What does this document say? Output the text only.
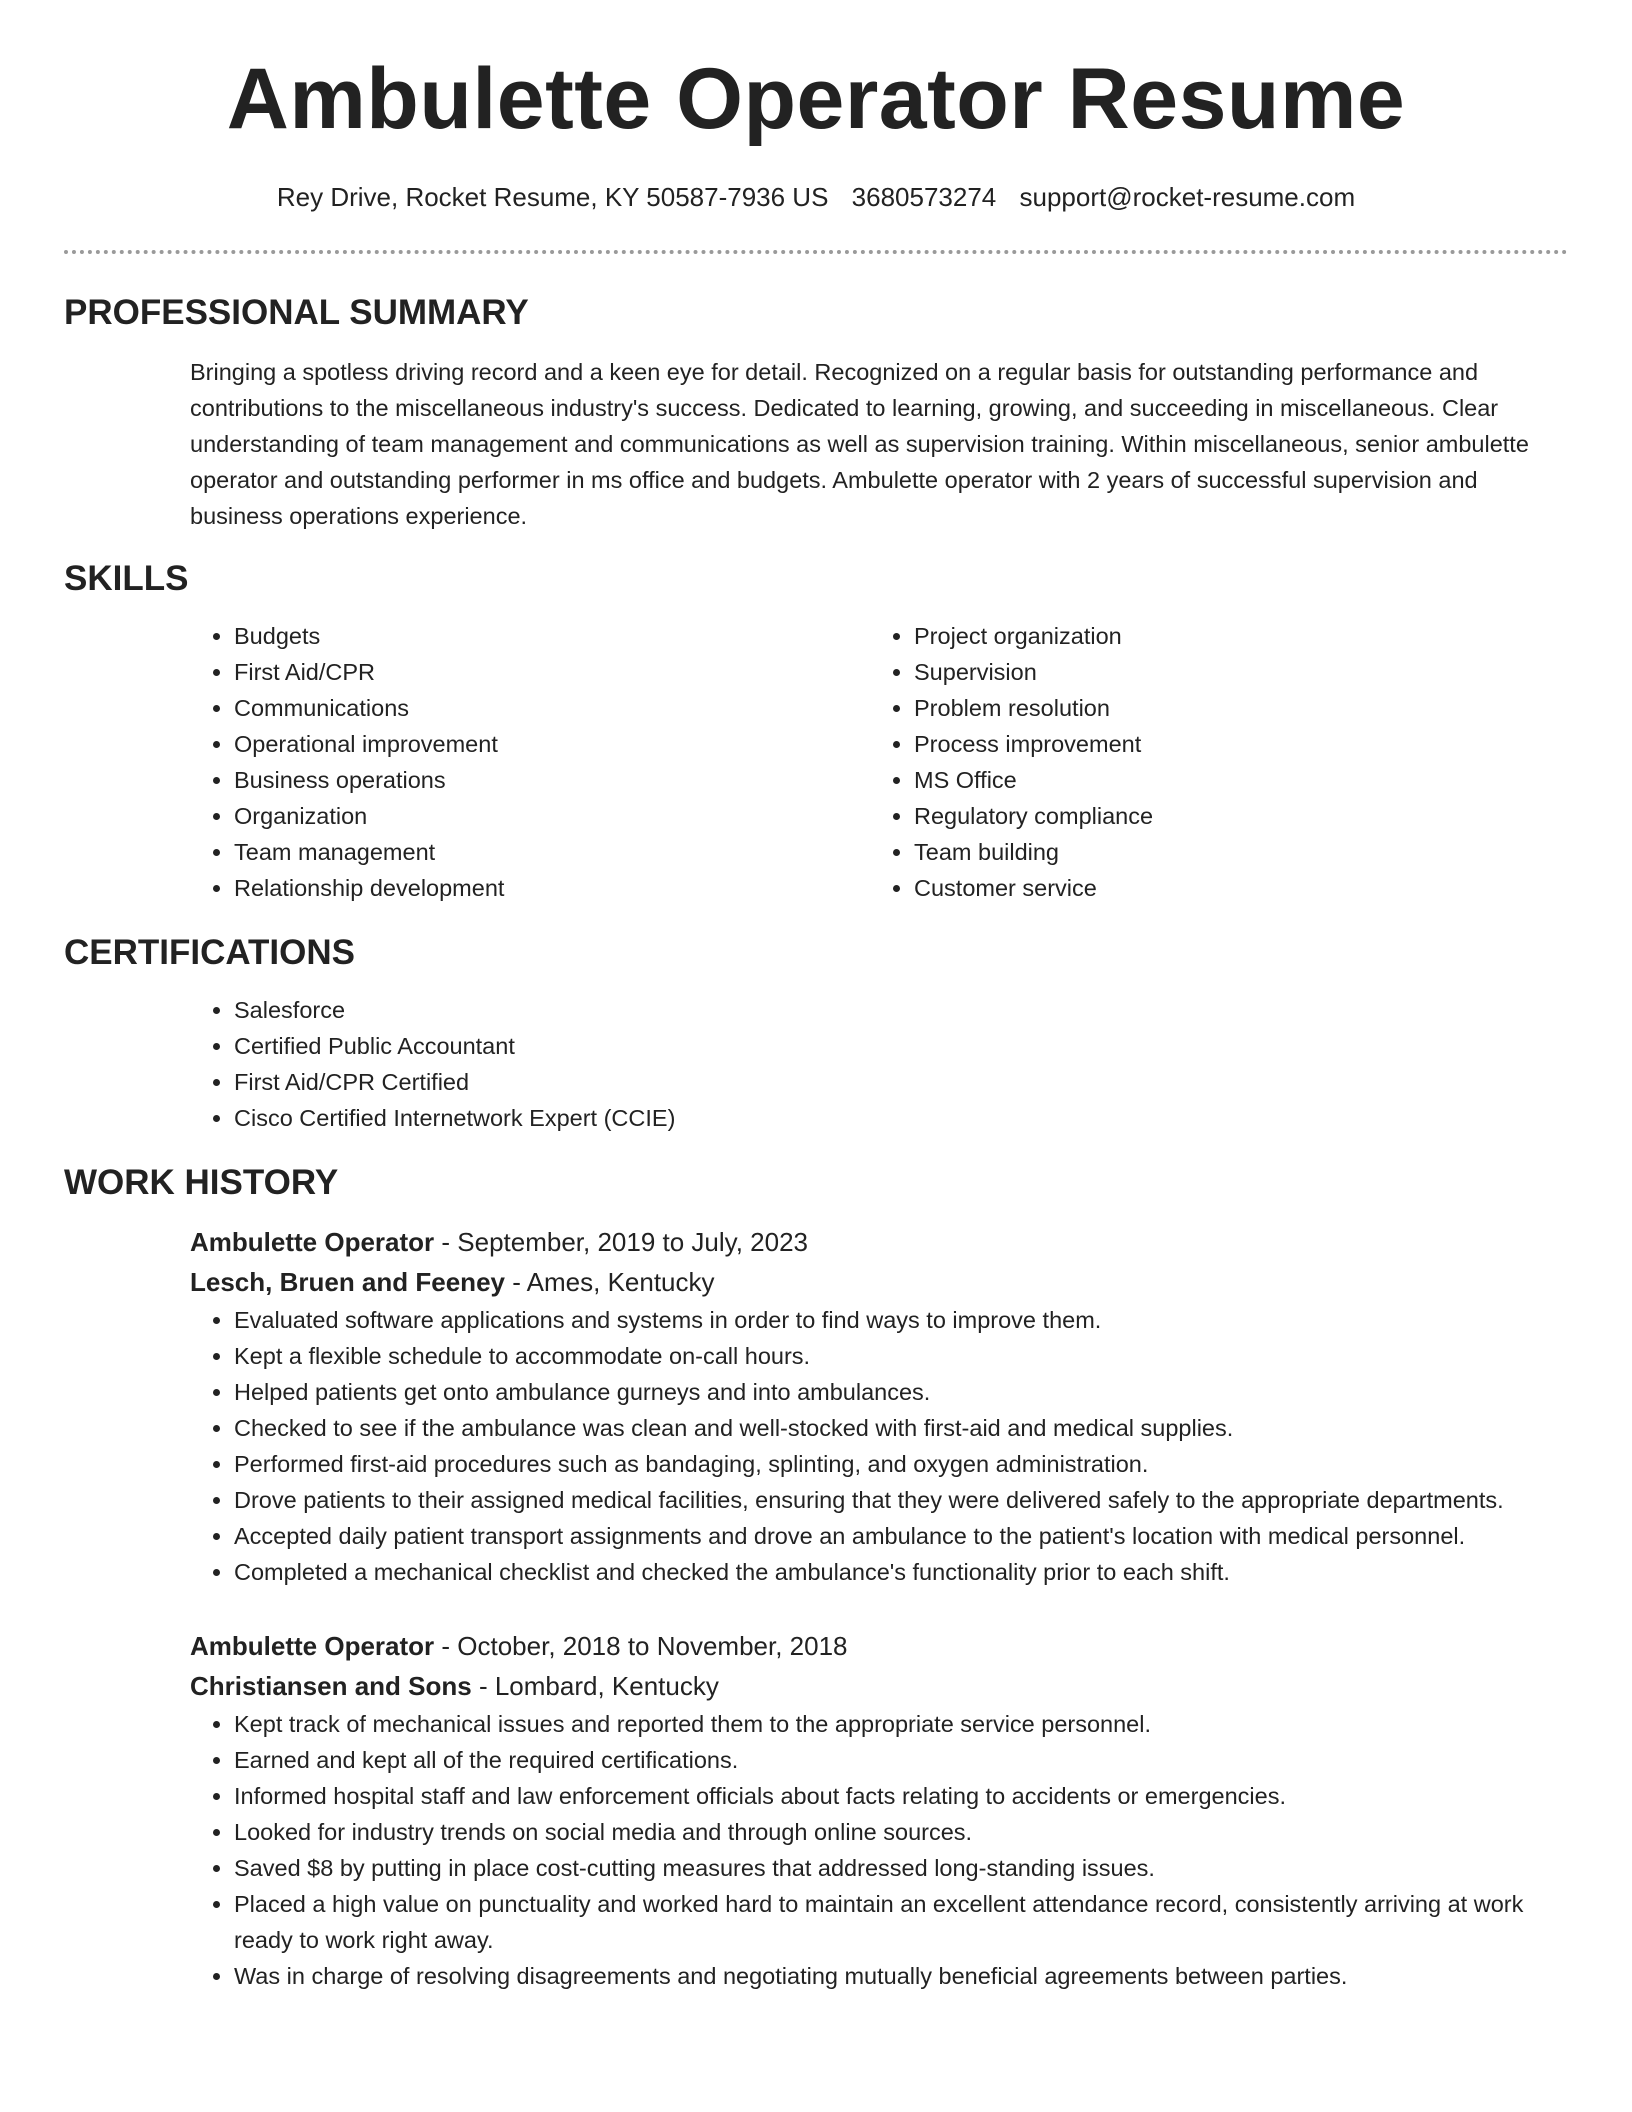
Ambulette Operator Resume
Rey Drive, Rocket Resume, KY 50587-7936 US 3680573274 support@rocket-resume.com
PROFESSIONAL SUMMARY

Bringing a spotless driving record and a keen eye for detail. Recognized on a regular basis for outstanding performance and contributions to the miscellaneous industry's success. Dedicated to learning, growing, and succeeding in miscellaneous. Clear understanding of team management and communications as well as supervision training. Within miscellaneous, senior ambulette operator and outstanding performer in ms office and budgets. Ambulette operator with 2 years of successful supervision and business operations experience.

SKILLS
• Budgets
• First Aid/CPR
• Communications
• Operational improvement
• Business operations
• Organization
• Team management
• Relationship development
• Project organization
• Supervision
• Problem resolution
• Process improvement
• MS Office
• Regulatory compliance
• Team building
• Customer service
CERTIFICATIONS
• Salesforce
• Certified Public Accountant
• First Aid/CPR Certified
• Cisco Certified Internetwork Expert (CCIE)
WORK HISTORY
Ambulette Operator - September, 2019 to July, 2023
Lesch, Bruen and Feeney - Ames, Kentucky
• Evaluated software applications and systems in order to find ways to improve them.
• Kept a flexible schedule to accommodate on-call hours.
• Helped patients get onto ambulance gurneys and into ambulances.
• Checked to see if the ambulance was clean and well-stocked with first-aid and medical supplies.
• Performed first-aid procedures such as bandaging, splinting, and oxygen administration.
• Drove patients to their assigned medical facilities, ensuring that they were delivered safely to the appropriate departments.
• Accepted daily patient transport assignments and drove an ambulance to the patient's location with medical personnel.
• Completed a mechanical checklist and checked the ambulance's functionality prior to each shift.
Ambulette Operator - October, 2018 to November, 2018
Christiansen and Sons - Lombard, Kentucky
• Kept track of mechanical issues and reported them to the appropriate service personnel.
• Earned and kept all of the required certifications.
• Informed hospital staff and law enforcement officials about facts relating to accidents or emergencies.
• Looked for industry trends on social media and through online sources.
• Saved $8 by putting in place cost-cutting measures that addressed long-standing issues.
• Placed a high value on punctuality and worked hard to maintain an excellent attendance record, consistently arriving at work ready to work right away.
• Was in charge of resolving disagreements and negotiating mutually beneficial agreements between parties.
